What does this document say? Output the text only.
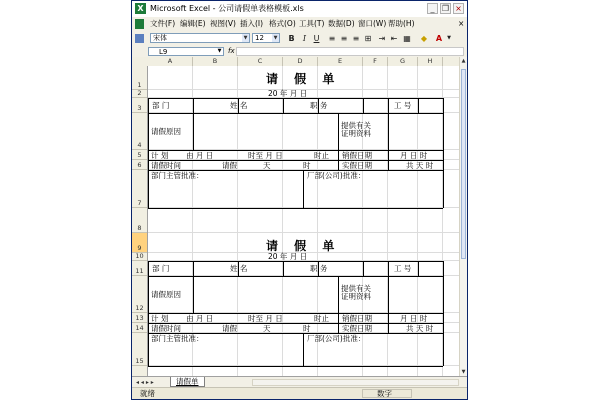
X Microsoft Excel - 公司请假单表格模板.xls	_ ❐ ×
文件(F) 编辑(E) 视图(V) 插入(I) 格式(O) 工具(T) 数据(D) 窗口(W) 帮助(H)	×
宋体	▼	12	▼ B	I U ≡ ≡ ≡ ⊞ ⇥ ⇤ ▦	◆	A ▼
L9	▼ fx
A	B	C	D	E	F	G	H
1
2
3
4
5
6
7
8
9
10
11
12
13
14
15
请 假 单
20 年 月 日
部 门	姓 名	职 务	工 号
请假原因
提供有关
证明资料
计 划 由 月 日	时至 月 日	时止 销假日期	月 日 时
请假时间	请假	天	时	实假日期	共 天 时
部门主管批准：	厂部(公司)批准：
请 假 单
20 年 月 日
部 门	姓 名	职 务	工 号
请假原因
提供有关
证明资料
计 划 由 月 日	时至 月 日	时止 销假日期	月 日 时
请假时间	请假	天	时	实假日期	共 天 时
部门主管批准：	厂部(公司)批准：
▲
▼
◂ ◂ ▸ ▸	请假单
就绪	数字
